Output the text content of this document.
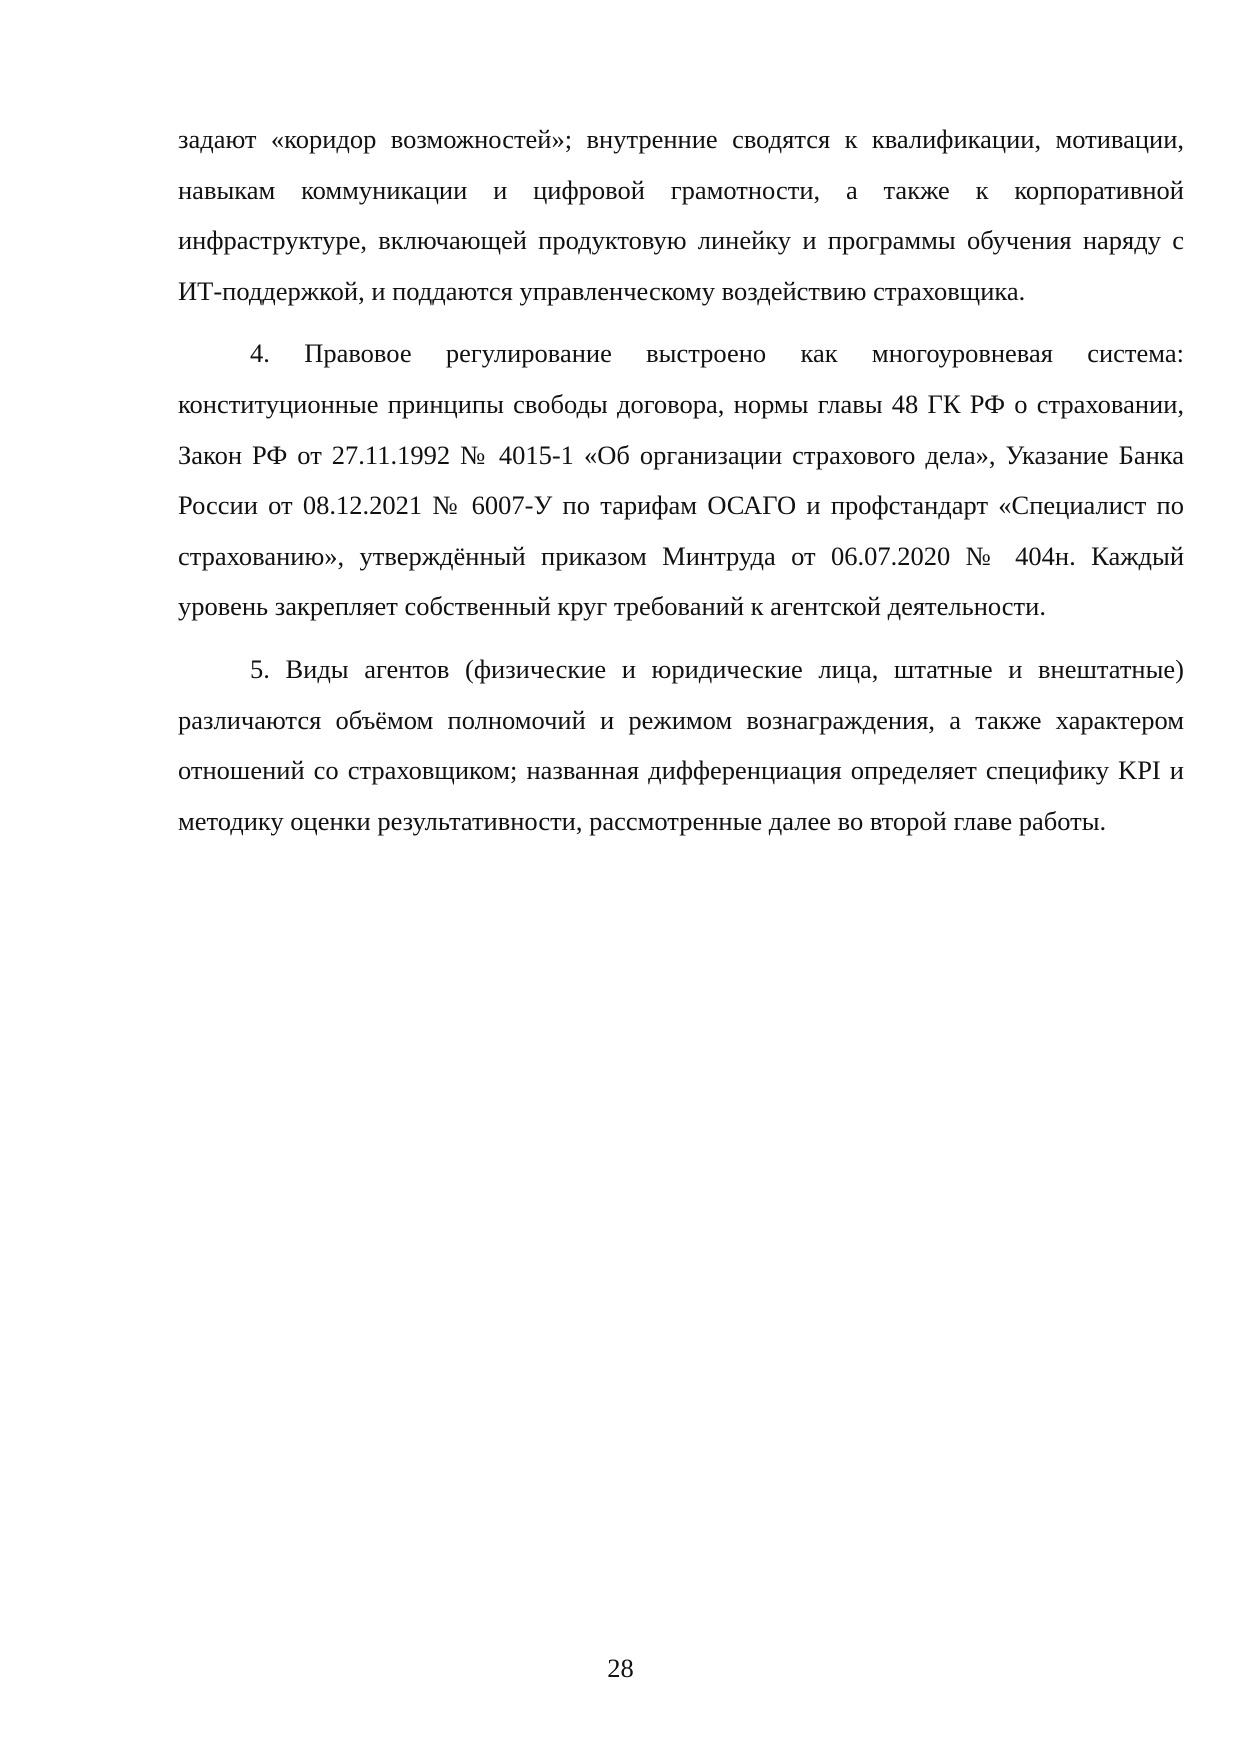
задают «коридор возможностей»; внутренние сводятся к квалификации, мотивации, навыкам коммуникации и цифровой грамотности, а также к корпоративной инфраструктуре, включающей продуктовую линейку и программы обучения наряду с ИТ-поддержкой, и поддаются управленческому воздействию страховщика.

4. Правовое регулирование выстроено как многоуровневая система: конституционные принципы свободы договора, нормы главы 48 ГК РФ о страховании, Закон РФ от 27.11.1992 № 4015-1 «Об организации страхового дела», Указание Банка России от 08.12.2021 № 6007-У по тарифам ОСАГО и профстандарт «Специалист по страхованию», утверждённый приказом Минтруда от 06.07.2020 № 404н. Каждый уровень закрепляет собственный круг требований к агентской деятельности.

5. Виды агентов (физические и юридические лица, штатные и внештатные) различаются объёмом полномочий и режимом вознаграждения, а также характером отношений со страховщиком; названная дифференциация определяет специфику KPI и методику оценки результативности, рассмотренные далее во второй главе работы.

28
